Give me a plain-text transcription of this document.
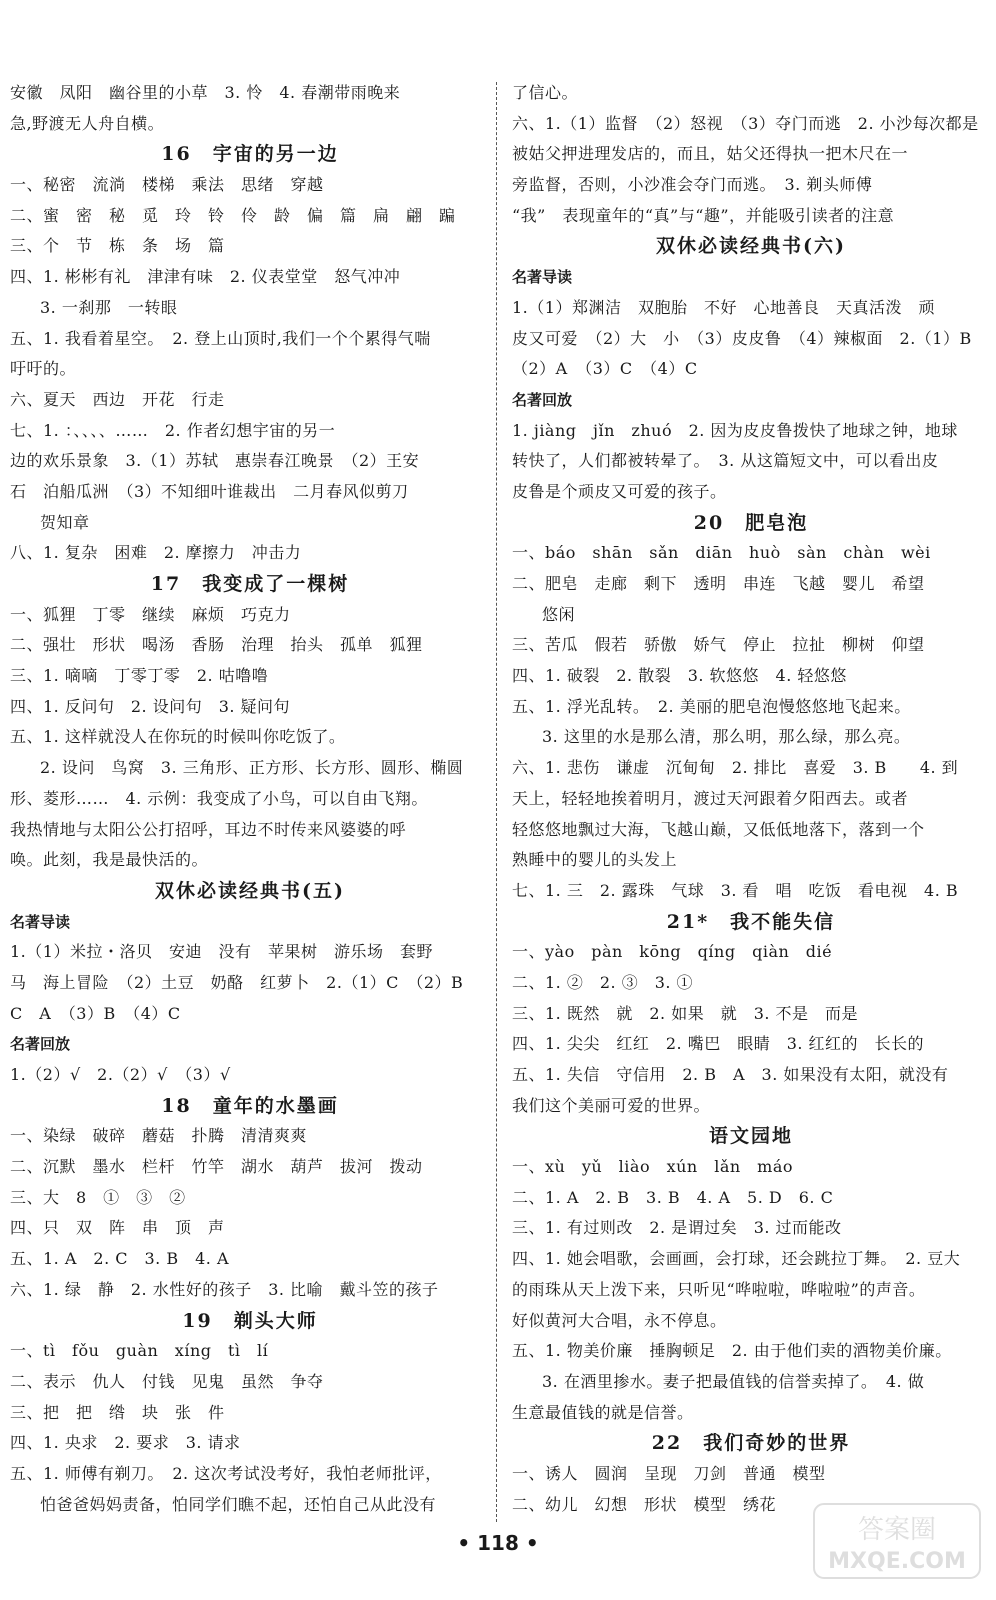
安徽　凤阳　幽谷里的小草　3. 怜　4. 春潮带雨晚来
急,野渡无人舟自横。
16　宇宙的另一边
一、秘密　流淌　楼梯　乘法　思绪　穿越
二、蜜　密　秘　觅　玲　铃　伶　龄　偏　篇　扁　翩　蹁
三、个　节　栋　条　场　篇
四、1. 彬彬有礼　津津有味　2. 仪表堂堂　怒气冲冲
3. 一刹那　一转眼
五、1. 我看着星空。　2. 登上山顶时,我们一个个累得气喘
吁吁的。
六、夏天　西边　开花　行走
七、1. ：、、、、……　2. 作者幻想宇宙的另一
边的欢乐景象　3.（1）苏轼　惠崇春江晚景　（2）王安
石　泊船瓜洲　（3）不知细叶谁裁出　二月春风似剪刀
贺知章
八、1. 复杂　困难　2. 摩擦力　冲击力
17　我变成了一棵树
一、狐狸　丁零　继续　麻烦　巧克力
二、强壮　形状　喝汤　香肠　治理　抬头　孤单　狐狸
三、1. 嘀嘀　丁零丁零　2. 咕噜噜
四、1. 反问句　2. 设问句　3. 疑问句
五、1. 这样就没人在你玩的时候叫你吃饭了。
2. 设问　鸟窝　3. 三角形、正方形、长方形、圆形、椭圆
形、菱形……　4. 示例：我变成了小鸟，可以自由飞翔。
我热情地与太阳公公打招呼，耳边不时传来风婆婆的呼
唤。此刻，我是最快活的。
双休必读经典书(五)
名著导读
1.（1）米拉・洛贝　安迪　没有　苹果树　游乐场　套野
马　海上冒险　（2）土豆　奶酪　红萝卜　2.（1）C　（2）B
C　A　（3）B　（4）C
名著回放
1.（2）√　2.（2）√　（3）√
18　童年的水墨画
一、染绿　破碎　蘑菇　扑腾　清清爽爽
二、沉默　墨水　栏杆　竹竿　湖水　葫芦　拔河　拨动
三、大　8　①　③　②
四、只　双　阵　串　顶　声
五、1. A　2. C　3. B　4. A
六、1. 绿　静　2. 水性好的孩子　3. 比喻　戴斗笠的孩子
19　剃头大师
一、tì　fǒu　guàn　xíng　tì　lí
二、表示　仇人　付钱　见鬼　虽然　争夺
三、把　把　绺　块　张　件
四、1. 央求　2. 要求　3. 请求
五、1. 师傅有剃刀。　2. 这次考试没考好，我怕老师批评，
怕爸爸妈妈责备，怕同学们瞧不起，还怕自己从此没有
了信心。
六、1.（1）监督　（2）怒视　（3）夺门而逃　2. 小沙每次都是
被姑父押进理发店的，而且，姑父还得执一把木尺在一
旁监督，否则，小沙准会夺门而逃。　3. 剃头师傅
“我”　表现童年的“真”与“趣”，并能吸引读者的注意
双休必读经典书(六)
名著导读
1.（1）郑渊洁　双胞胎　不好　心地善良　天真活泼　顽
皮又可爱　（2）大　小　（3）皮皮鲁　（4）辣椒面　2.（1）B
（2）A　（3）C　（4）C
名著回放
1. jiàng　jǐn　zhuó　2. 因为皮皮鲁拨快了地球之钟，地球
转快了，人们都被转晕了。　3. 从这篇短文中，可以看出皮
皮鲁是个顽皮又可爱的孩子。
20　肥皂泡
一、báo　shān　sǎn　diān　huò　sàn　chàn　wèi
二、肥皂　走廊　剩下　透明　串连　飞越　婴儿　希望
悠闲
三、苦瓜　假若　骄傲　娇气　停止　拉扯　柳树　仰望
四、1. 破裂　2. 散裂　3. 软悠悠　4. 轻悠悠
五、1. 浮光乱转。　2. 美丽的肥皂泡慢悠悠地飞起来。
3. 这里的水是那么清，那么明，那么绿，那么亮。
六、1. 悲伤　谦虚　沉甸甸　2. 排比　喜爱　3. B　　4. 到
天上，轻轻地挨着明月，渡过天河跟着夕阳西去。或者
轻悠悠地飘过大海，飞越山巅，又低低地落下，落到一个
熟睡中的婴儿的头发上
七、1. 三　2. 露珠　气球　3. 看　唱　吃饭　看电视　4. B
21*　我不能失信
一、yào　pàn　kōng　qíng　qiàn　dié
二、1. ②　2. ③　3. ①
三、1. 既然　就　2. 如果　就　3. 不是　而是
四、1. 尖尖　红红　2. 嘴巴　眼睛　3. 红红的　长长的
五、1. 失信　守信用　2. B　A　3. 如果没有太阳，就没有
我们这个美丽可爱的世界。
语文园地
一、xù　yǔ　liào　xún　lǎn　máo
二、1. A　2. B　3. B　4. A　5. D　6. C
三、1. 有过则改　2. 是谓过矣　3. 过而能改
四、1. 她会唱歌，会画画，会打球，还会跳拉丁舞。　2. 豆大
的雨珠从天上泼下来，只听见“哗啦啦，哗啦啦”的声音。
好似黄河大合唱，永不停息。
五、1. 物美价廉　捶胸顿足　2. 由于他们卖的酒物美价廉。
3. 在酒里掺水。妻子把最值钱的信誉卖掉了。　4. 做
生意最值钱的就是信誉。
22　我们奇妙的世界
一、诱人　圆润　呈现　刀剑　普通　模型
二、幼儿　幻想　形状　模型　绣花
• 118 •	答案圈
MXQE.COM
